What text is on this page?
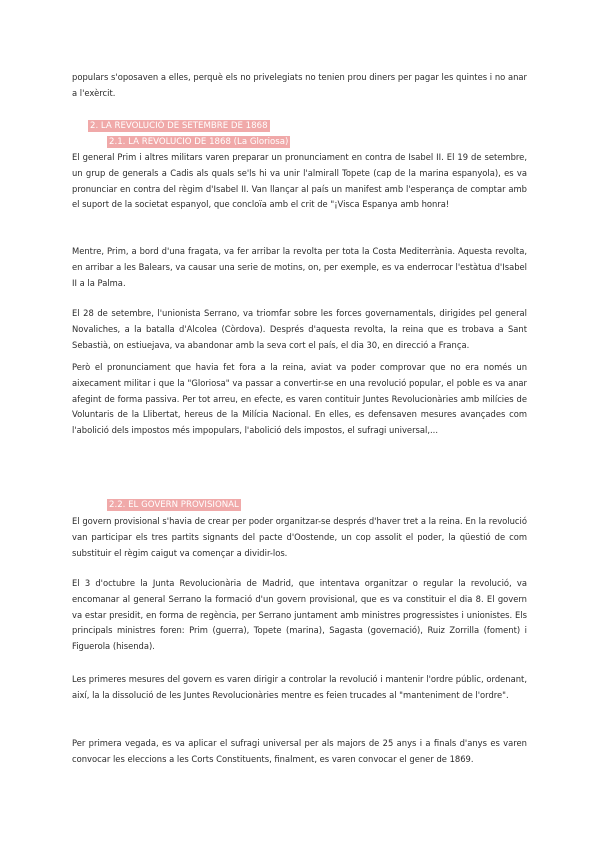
populars s'oposaven a elles, perquè els no privelegiats no tenien prou diners per pagar les quintes i no anar a l'exèrcit.

2. LA REVOLUCIÓ DE SETEMBRE DE 1868
2.1. LA REVOLUCIO DE 1868 (La Gloriosa)

El general Prim i altres militars varen preparar un pronunciament en contra de Isabel II. El 19 de setembre, un grup de generals a Cadis als quals se'ls hi va unir l'almirall Topete (cap de la marina espanyola), es va pronunciar en contra del règim d'Isabel II. Van llançar al país un manifest amb l'esperança de comptar amb el suport de la societat espanyol, que concloïa amb el crit de "¡Visca Espanya amb honra!

Mentre, Prim, a bord d'una fragata, va fer arribar la revolta per tota la Costa Mediterrània. Aquesta revolta, en arribar a les Balears, va causar una serie de motins, on, per exemple, es va enderrocar l'estàtua d'Isabel II a la Palma.

El 28 de setembre, l'unionista Serrano, va triomfar sobre les forces governamentals, dirigides pel general Novaliches, a la batalla d'Alcolea (Còrdova). Després d'aquesta revolta, la reina que es trobava a Sant Sebastià, on estiuejava, va abandonar amb la seva cort el país, el dia 30, en direcció a França.

Però el pronunciament que havia fet fora a la reina, aviat va poder comprovar que no era només un aixecament militar i que la "Gloriosa" va passar a convertir-se en una revolució popular, el poble es va anar afegint de forma passiva. Per tot arreu, en efecte, es varen contituir Juntes Revolucionàries amb milícies de Voluntaris de la Llibertat, hereus de la Milícia Nacional. En elles, es defensaven mesures avançades com l'abolició dels impostos més impopulars, l'abolició dels impostos, el sufragi universal,...

2.2. EL GOVERN PROVISIONAL

El govern provisional s'havia de crear per poder organitzar-se després d'haver tret a la reina. En la revolució van participar els tres partits signants del pacte d'Oostende, un cop assolit el poder, la qüestió de com substituir el règim caigut va començar a dividir-los.

El 3 d'octubre la Junta Revolucionària de Madrid, que intentava organitzar o regular la revolució, va encomanar al general Serrano la formació d'un govern provisional, que es va constituir el dia 8. El govern va estar presidit, en forma de regència, per Serrano juntament amb ministres progressistes i unionistes. Els principals ministres foren: Prim (guerra), Topete (marina), Sagasta (governació), Ruiz Zorrilla (foment) i Figuerola (hisenda).

Les primeres mesures del govern es varen dirigir a controlar la revolució i mantenir l'ordre públic, ordenant, així, la la dissolució de les Juntes Revolucionàries mentre es feien trucades al "manteniment de l'ordre".

Per primera vegada, es va aplicar el sufragi universal per als majors de 25 anys i a finals d'anys es varen convocar les eleccions a les Corts Constituents, finalment, es varen convocar el gener de 1869.
